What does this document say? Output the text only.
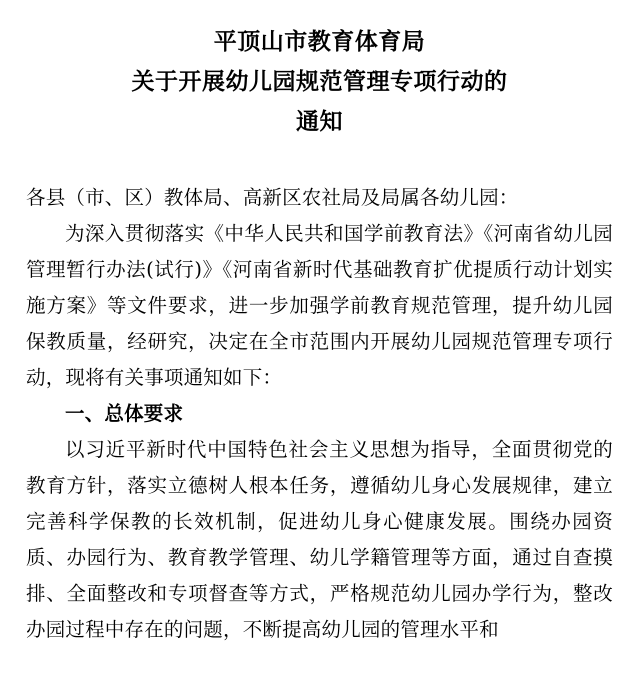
平顶山市教育体育局
关于开展幼儿园规范管理专项行动的
通知
各县（市、区）教体局、高新区农社局及局属各幼儿园：

为深入贯彻落实《中华人民共和国学前教育法》《河南省幼儿园管理暂行办法(试行)》《河南省新时代基础教育扩优提质行动计划实施方案》等文件要求，进一步加强学前教育规范管理，提升幼儿园保教质量，经研究，决定在全市范围内开展幼儿园规范管理专项行动，现将有关事项通知如下：

一、总体要求

以习近平新时代中国特色社会主义思想为指导，全面贯彻党的教育方针，落实立德树人根本任务，遵循幼儿身心发展规律，建立完善科学保教的长效机制，促进幼儿身心健康发展。围绕办园资质、办园行为、教育教学管理、幼儿学籍管理等方面，通过自查摸排、全面整改和专项督查等方式，严格规范幼儿园办学行为，整改办园过程中存在的问题，不断提高幼儿园的管理水平和
